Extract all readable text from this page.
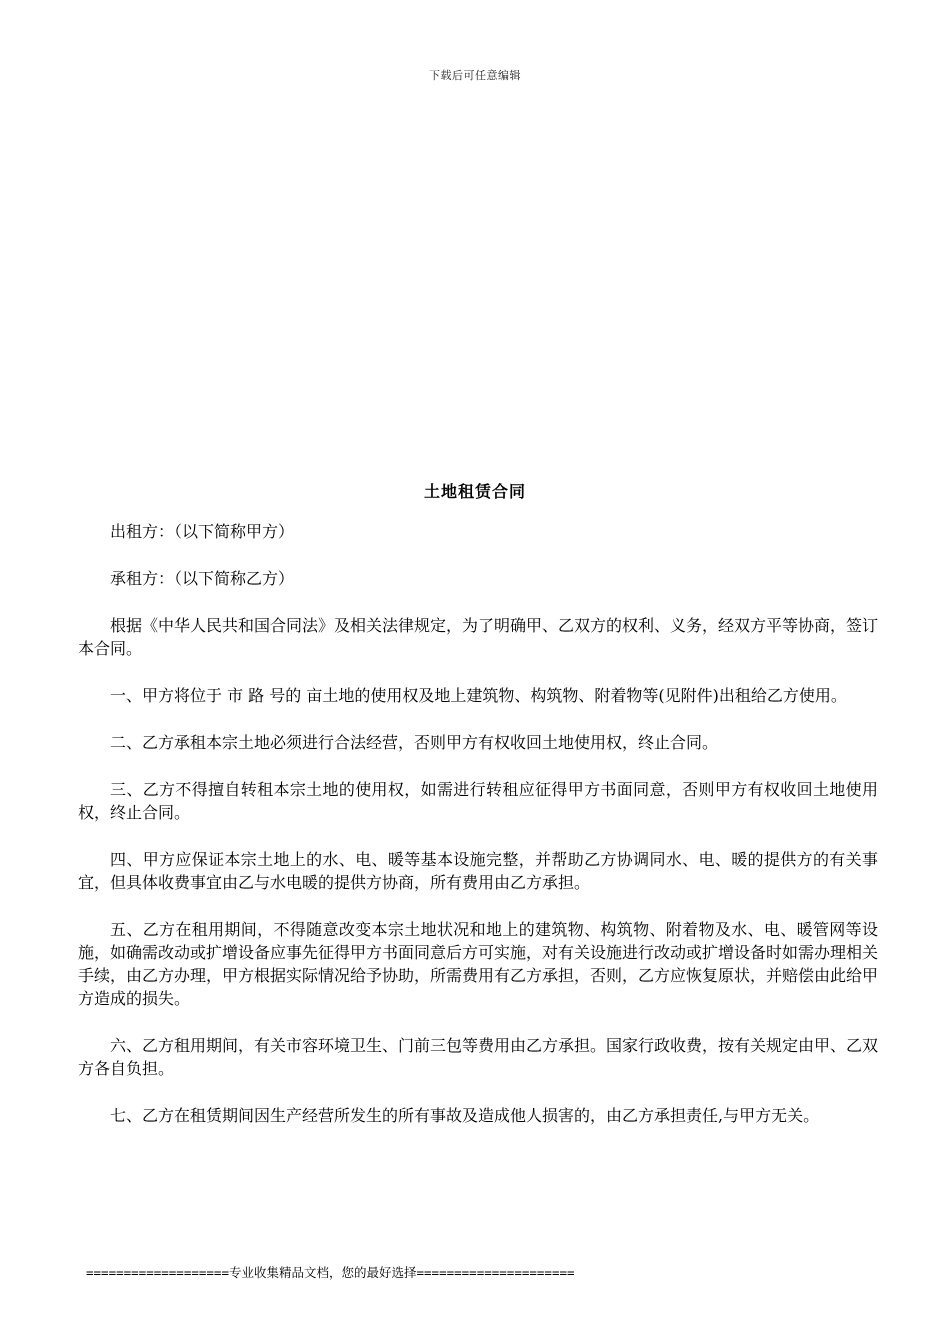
下载后可任意编辑
土地租赁合同

出租方：（以下简称甲方）

承租方：（以下简称乙方）

根据《中华人民共和国合同法》及相关法律规定，为了明确甲、乙双方的权利、义务，经双方平等协商，签订本合同。

一、甲方将位于 市 路 号的 亩土地的使用权及地上建筑物、构筑物、附着物等(见附件)出租给乙方使用。

二、乙方承租本宗土地必须进行合法经营，否则甲方有权收回土地使用权，终止合同。

三、乙方不得擅自转租本宗土地的使用权，如需进行转租应征得甲方书面同意，否则甲方有权收回土地使用权，终止合同。

四、甲方应保证本宗土地上的水、电、暖等基本设施完整，并帮助乙方协调同水、电、暖的提供方的有关事宜，但具体收费事宜由乙与水电暖的提供方协商，所有费用由乙方承担。

五、乙方在租用期间，不得随意改变本宗土地状况和地上的建筑物、构筑物、附着物及水、电、暖管网等设施，如确需改动或扩增设备应事先征得甲方书面同意后方可实施，对有关设施进行改动或扩增设备时如需办理相关手续，由乙方办理，甲方根据实际情况给予协助，所需费用有乙方承担，否则，乙方应恢复原状，并赔偿由此给甲方造成的损失。

六、乙方租用期间，有关市容环境卫生、门前三包等费用由乙方承担。国家行政收费，按有关规定由甲、乙双方各自负担。

七、乙方在租赁期间因生产经营所发生的所有事故及造成他人损害的，由乙方承担责任,与甲方无关。

===================专业收集精品文档，您的最好选择=====================
